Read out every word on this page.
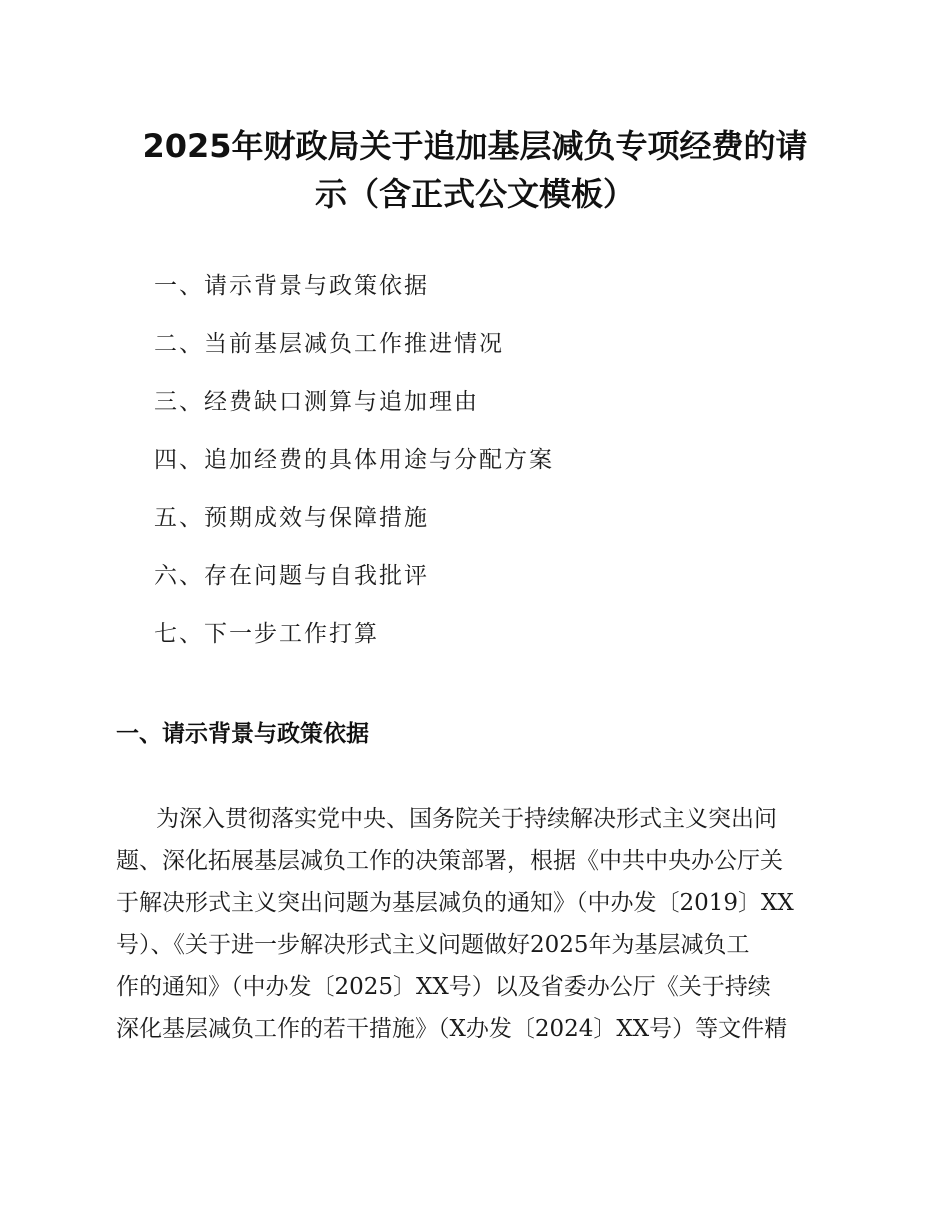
2025年财政局关于追加基层减负专项经费的请
示（含正式公文模板）
一、请示背景与政策依据
二、当前基层减负工作推进情况
三、经费缺口测算与追加理由
四、追加经费的具体用途与分配方案
五、预期成效与保障措施
六、存在问题与自我批评
七、下一步工作打算
一、请示背景与政策依据
为深入贯彻落实党中央、国务院关于持续解决形式主义突出问
题、深化拓展基层减负工作的决策部署，根据《中共中央办公厅关
于解决形式主义突出问题为基层减负的通知》（中办发〔2019〕XX
号）、《关于进一步解决形式主义问题做好2025年为基层减负工
作的通知》（中办发〔2025〕XX号）以及省委办公厅《关于持续
深化基层减负工作的若干措施》（X办发〔2024〕XX号）等文件精
